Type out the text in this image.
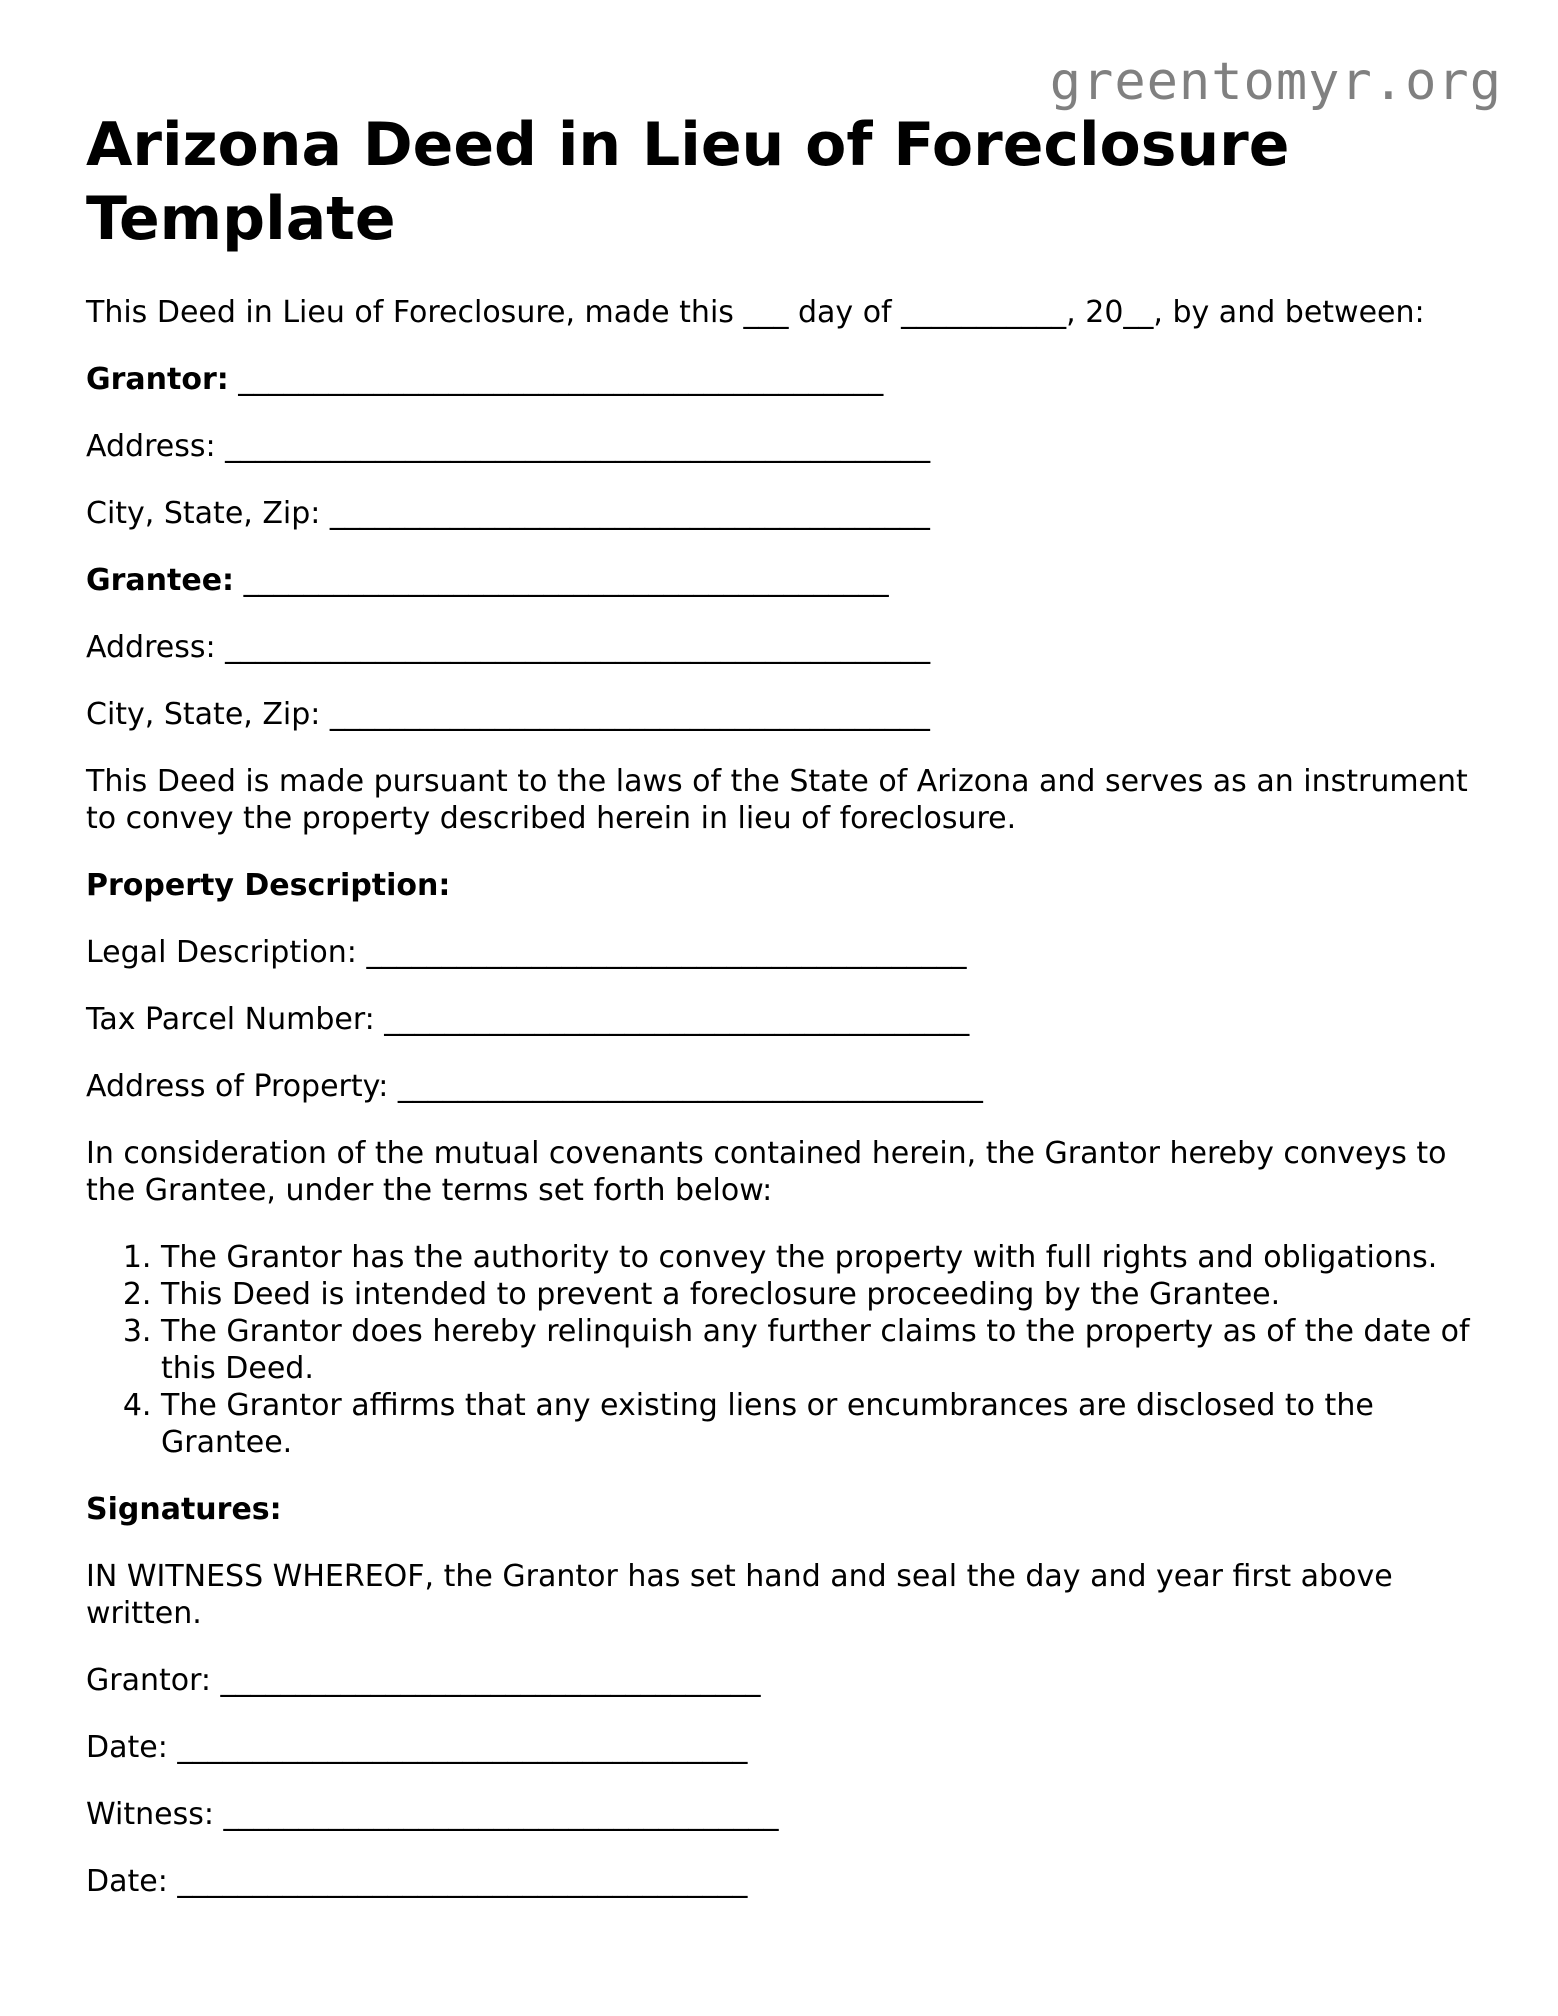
greentomyr.org
Arizona Deed in Lieu of Foreclosure Template
This Deed in Lieu of Foreclosure, made this ___ day of ___________, 20__, by and between:
Grantor: ___________________________________________
Address: _______________________________________________
City, State, Zip: ________________________________________
Grantee: ___________________________________________
Address: _______________________________________________
City, State, Zip: ________________________________________
This Deed is made pursuant to the laws of the State of Arizona and serves as an instrument to convey the property described herein in lieu of foreclosure.
Property Description:
Legal Description: ________________________________________
Tax Parcel Number: _______________________________________
Address of Property: _______________________________________
In consideration of the mutual covenants contained herein, the Grantor hereby conveys to the Grantee, under the terms set forth below:
1. The Grantor has the authority to convey the property with full rights and obligations.
2. This Deed is intended to prevent a foreclosure proceeding by the Grantee.
3. The Grantor does hereby relinquish any further claims to the property as of the date of this Deed.
4. The Grantor affirms that any existing liens or encumbrances are disclosed to the Grantee.
Signatures:
IN WITNESS WHEREOF, the Grantor has set hand and seal the day and year first above written.
Grantor: ____________________________________
Date: ______________________________________
Witness: _____________________________________
Date: ______________________________________
